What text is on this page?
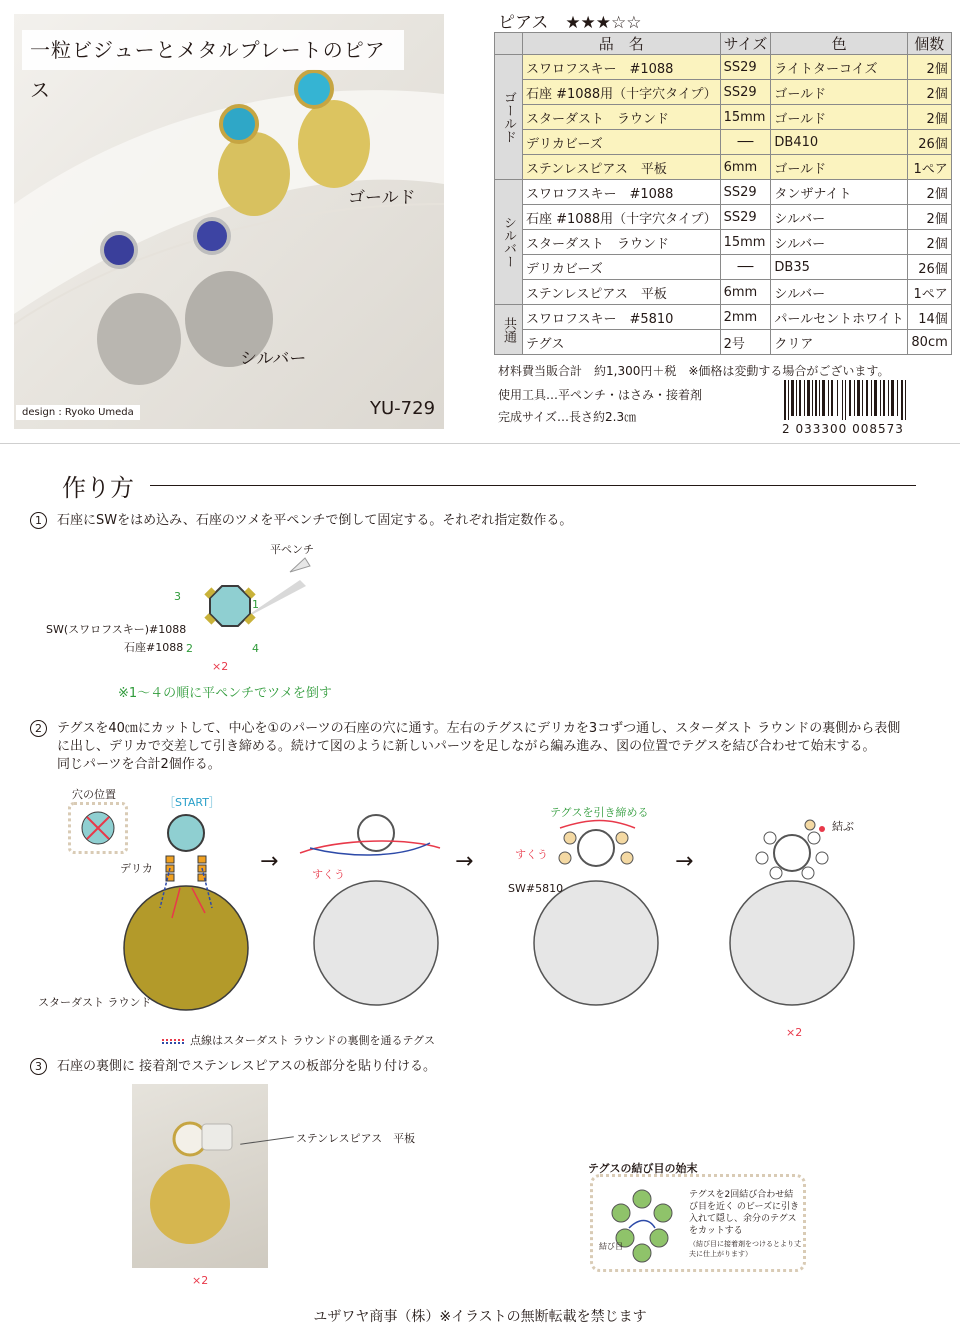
一粒ビジューとメタルプレートのピアス
ゴールド
シルバー
design : Ryoko Umeda	YU-729
ピアス　★★★☆☆
	品　名	サイズ	色	個数
ゴールド	スワロフスキー　#1088	SS29	ライトターコイズ	2個
	石座 #1088用（十字穴タイプ）	SS29	ゴールド	2個
	スターダスト　ラウンド	15mm	ゴールド	2個
	デリカビーズ	──	DB410	26個
	ステンレスピアス　平板	6mm	ゴールド	1ペア
シルバー	スワロフスキー　#1088	SS29	タンザナイト	2個
	石座 #1088用（十字穴タイプ）	SS29	シルバー	2個
	スターダスト　ラウンド	15mm	シルバー	2個
	デリカビーズ	──	DB35	26個
	ステンレスピアス　平板	6mm	シルバー	1ペア
共通	スワロフスキー　#5810	2mm	パールセントホワイト	14個
	テグス	2号	クリア	80cm
材料費当販合計　約1,300円＋税　※価格は変動する場合がございます。
使用工具…平ペンチ・はさみ・接着剤
完成サイズ…長さ約2.3㎝
2 033300 008573
作り方
1 石座にSWをはめ込み、石座のツメを平ペンチで倒して固定する。それぞれ指定数作る。
平ペンチ
SW(スワロフスキー)#1088
石座#1088
3
1
2	4
×2
※1～４の順に平ペンチでツメを倒す
2 テグスを40㎝にカットして、中心を①のパーツの石座の穴に通す。左右のテグスにデリカを3コずつ通し、スターダスト ラウンドの裏側から表側
に出し、デリカで交差して引き締める。続けて図のように新しいパーツを足しながら編み進み、図の位置でテグスを結び合わせて始末する。
同じパーツを合計2個作る。
穴の位置
［START］
→	→	→
デリカ
スターダスト ラウンド
すくう
テグスを引き締める
すくう
SW#5810
結ぶ
点線はスターダスト ラウンドの裏側を通るテグス
×2
3 石座の裏側に 接着剤でステンレスピアスの板部分を貼り付ける。
ステンレスピアス　平板
×2
テグスの結び目の始末
結び目
テグスを2回結び合わせ結び目を近く のビーズに引き入れて隠し、余分のテグスをカットする
（結び目に接着剤をつけるとより丈夫に仕上がります）
ユザワヤ商事（株）※イラストの無断転載を禁じます
